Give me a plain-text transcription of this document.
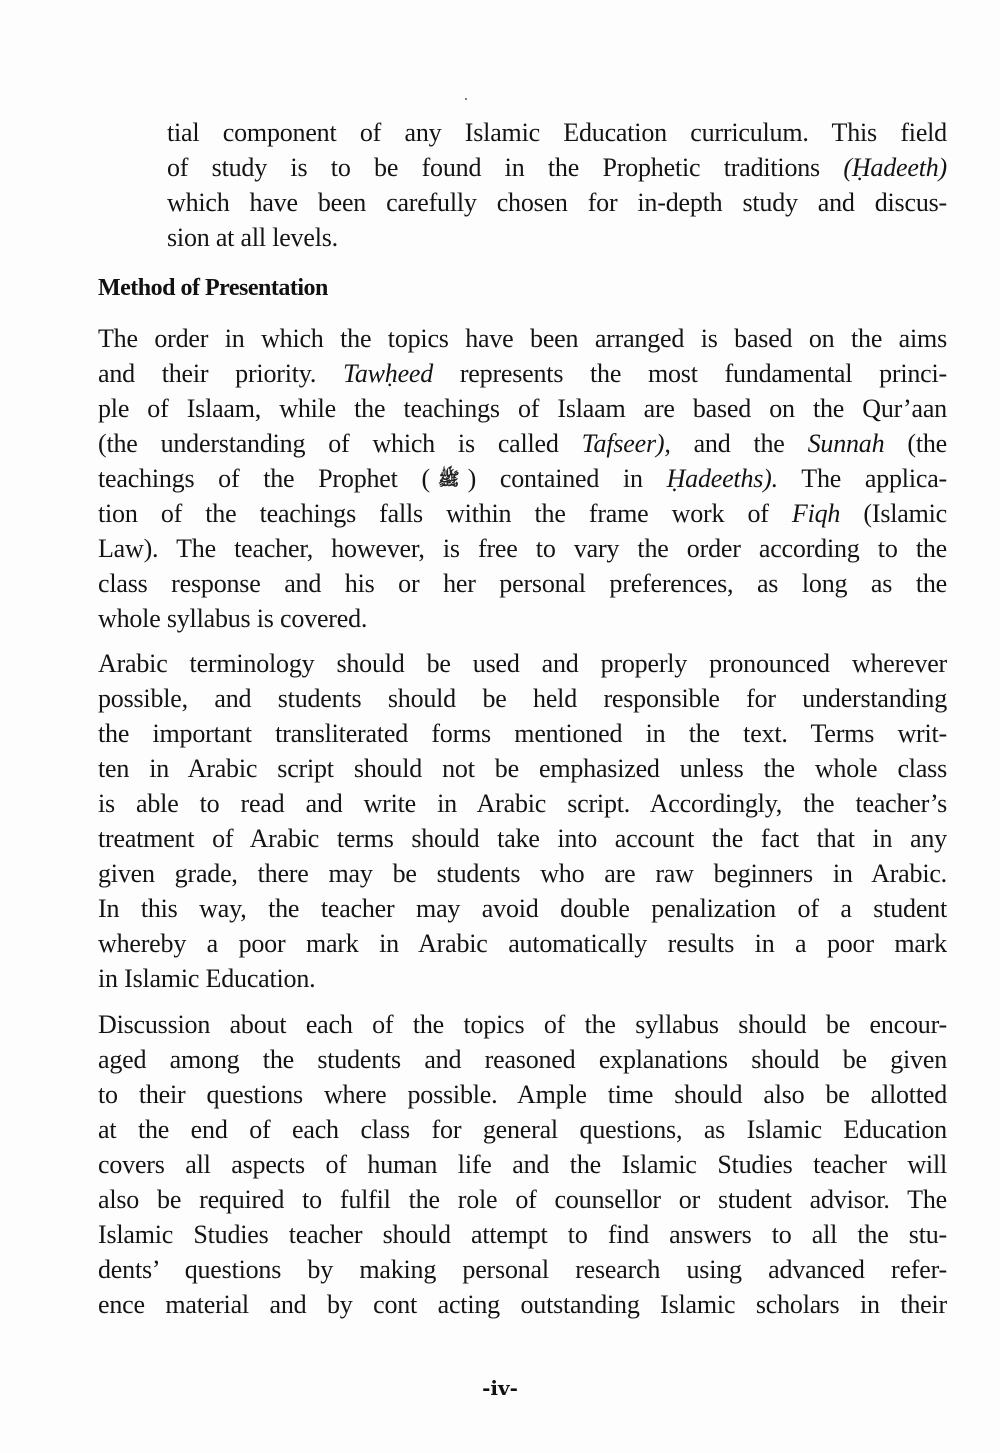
tial component of any Islamic Education curriculum. This field
of study is to be found in the Prophetic traditions (Ḥadeeth)
which have been carefully chosen for in-depth study and discus-
sion at all levels.
Method of Presentation
The order in which the topics have been arranged is based on the aims
and their priority. Tawḥeed represents the most fundamental princi-
ple of Islaam, while the teachings of Islaam are based on the Qur’aan
(the understanding of which is called Tafseer), and the Sunnah (the
teachings of the Prophet ( ﷺ ) contained in Ḥadeeths). The applica-
tion of the teachings falls within the frame work of Fiqh (Islamic
Law). The teacher, however, is free to vary the order according to the
class response and his or her personal preferences, as long as the
whole syllabus is covered.
Arabic terminology should be used and properly pronounced wherever
possible, and students should be held responsible for understanding
the important transliterated forms mentioned in the text. Terms writ-
ten in Arabic script should not be emphasized unless the whole class
is able to read and write in Arabic script. Accordingly, the teacher’s
treatment of Arabic terms should take into account the fact that in any
given grade, there may be students who are raw beginners in Arabic.
In this way, the teacher may avoid double penalization of a student
whereby a poor mark in Arabic automatically results in a poor mark
in Islamic Education.
Discussion about each of the topics of the syllabus should be encour-
aged among the students and reasoned explanations should be given
to their questions where possible. Ample time should also be allotted
at the end of each class for general questions, as Islamic Education
covers all aspects of human life and the Islamic Studies teacher will
also be required to fulfil the role of counsellor or student advisor. The
Islamic Studies teacher should attempt to find answers to all the stu-
dents’ questions by making personal research using advanced refer-
ence material and by cont acting outstanding Islamic scholars in their
-iv-
